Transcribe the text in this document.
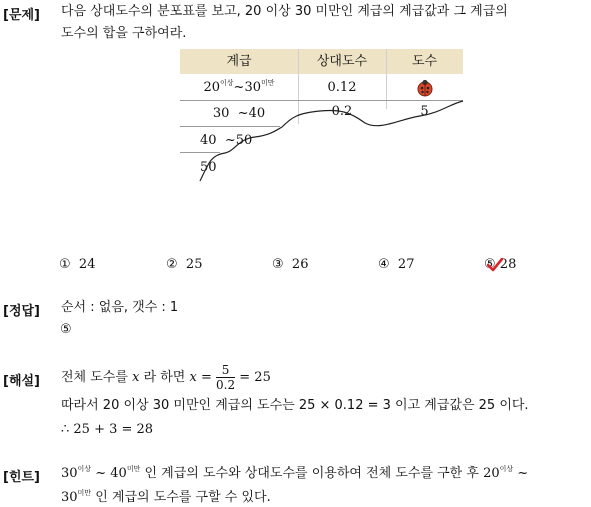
[문제] 다음 상대도수의 분포표를 보고, 20 이상 30 미만인 계급의 계급값과 그 계급의
도수의 합을 구하여라.
계급	상대도수	도수
$20^{이상}\sim 30^{미만}$	0.12
30 ~40	0.2	5
40 ~50
50
① 24	② 25	③ 26	④ 27	⑤ 28
[정답] 순서 : 없음, 갯수 : 1
⑤
[해설] 전체 도수를 x 라 하면 $x = \frac{5}{0.2} = 25$
따라서 20 이상 30 미만인 계급의 도수는 25 × 0.12 = 3 이고 계급값은 25 이다.
∴ 25 + 3 = 28
[힌트] $30^{이상}$ ~ $40^{미만}$ 인 계급의 도수와 상대도수를 이용하여 전체 도수를 구한 후 $20^{이상}$ ~
$30^{미만}$ 인 계급의 도수를 구할 수 있다.
